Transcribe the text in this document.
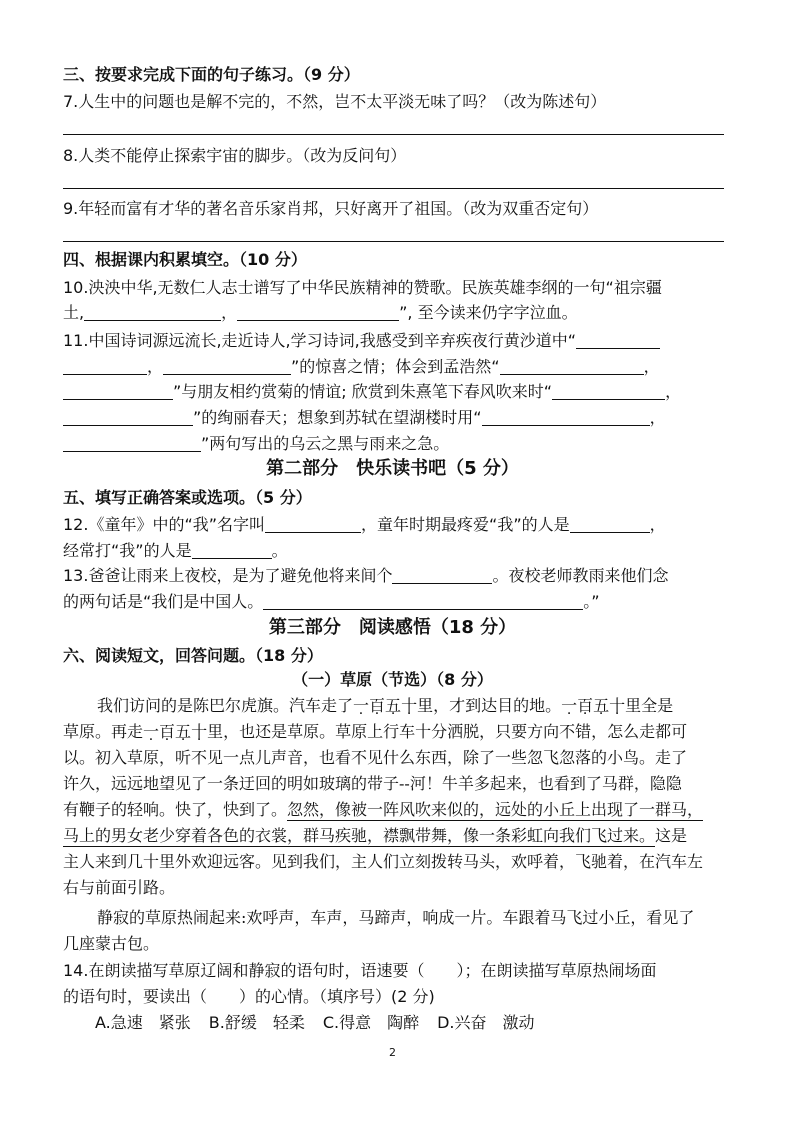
三、按要求完成下面的句子练习。（9 分）
7.人生中的问题也是解不完的，不然，岂不太平淡无味了吗？（改为陈述句）
8.人类不能停止探索宇宙的脚步。（改为反问句）
9.年轻而富有才华的著名音乐家肖邦，只好离开了祖国。（改为双重否定句）
四、根据课内积累填空。（10 分）
10.泱泱中华,无数仁人志士谱写了中华民族精神的赞歌。民族英雄李纲的一句“祖宗疆
土,	，	”, 至今读来仍字字泣血。
11.中国诗词源远流长,走近诗人,学习诗词,我感受到辛弃疾夜行黄沙道中“
，	”的惊喜之情；体会到孟浩然“	，
”与朋友相约赏菊的情谊; 欣赏到朱熹笔下春风吹来时“	，
”的绚丽春天；想象到苏轼在望湖楼时用“	，
”两句写出的乌云之黑与雨来之急。
第二部分　快乐读书吧（5 分）
五、填写正确答案或选项。（5 分）
12.《童年》中的“我”名字叫	，童年时期最疼爱“我”的人是	，
经常打“我”的人是	。
13.爸爸让雨来上夜校，是为了避免他将来间个	。夜校老师教雨来他们念
的两句话是“我们是中国人。	。”
第三部分　阅读感悟（18 分）
六、阅读短文，回答问题。（18 分）
（一）草原（节选）（8 分）
我们访问的是陈巴尔虎旗。汽车走了一百五十里，才到达目的地。一百五十里全是
草原。再走一百五十里，也还是草原。草原上行车十分洒脱，只要方向不错，怎么走都可
以。初入草原，听不见一点儿声音，也看不见什么东西，除了一些忽飞忽落的小鸟。走了
许久，远远地望见了一条迂回的明如玻璃的带子--河！牛羊多起来，也看到了马群，隐隐
有鞭子的轻响。快了，快到了。忽然，像被一阵风吹来似的，远处的小丘上出现了一群马，
马上的男女老少穿着各色的衣裳，群马疾驰，襟飘带舞，像一条彩虹向我们飞过来。这是
主人来到几十里外欢迎远客。见到我们，主人们立刻拨转马头，欢呼着，飞驰着，在汽车左
右与前面引路。
静寂的草原热闹起来:欢呼声，车声，马蹄声，响成一片。车跟着马飞过小丘，看见了
几座蒙古包。
14.在朗读描写草原辽阔和静寂的语句时，语速要（　　）；在朗读描写草原热闹场面
的语句时，要读出（　　）的心情。（填序号）(2 分)
A.急速　紧张 B.舒缓　轻柔 C.得意　陶醉 D.兴奋　激动
2
